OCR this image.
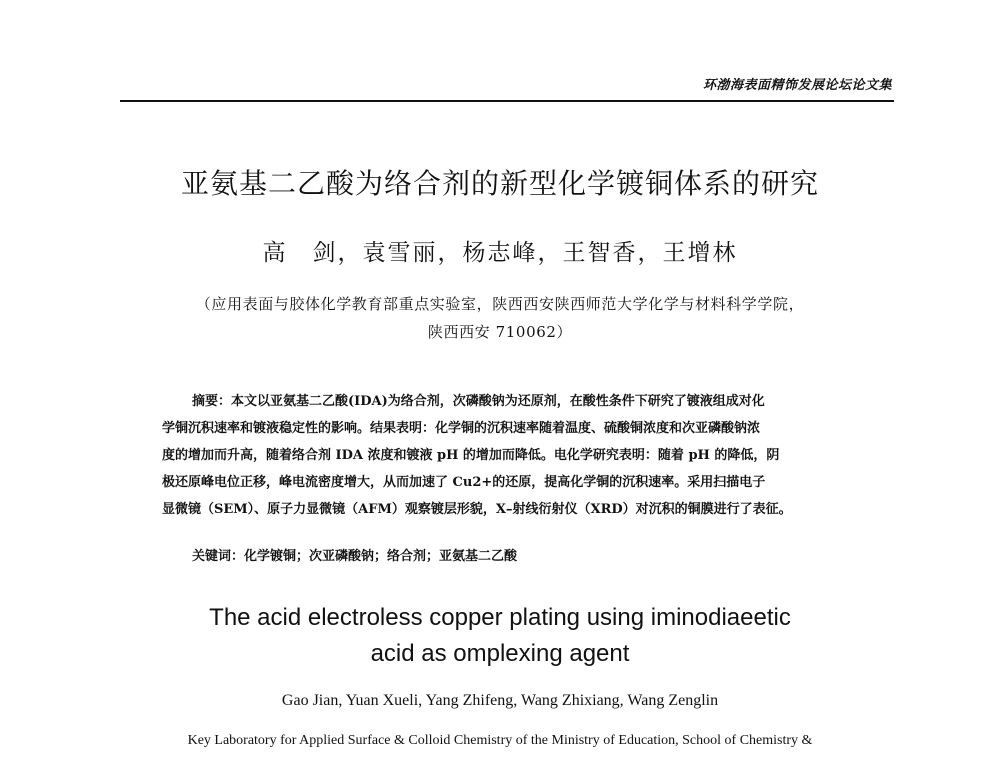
环渤海表面精饰发展论坛论文集
亚氨基二乙酸为络合剂的新型化学镀铜体系的研究
高　剑，袁雪丽，杨志峰，王智香，王增林
（应用表面与胶体化学教育部重点实验室，陕西西安陕西师范大学化学与材料科学学院，
陕西西安 710062）
摘要：本文以亚氨基二乙酸(IDA)为络合剂，次磷酸钠为还原剂，在酸性条件下研究了镀液组成对化
学铜沉积速率和镀液稳定性的影响。结果表明：化学铜的沉积速率随着温度、硫酸铜浓度和次亚磷酸钠浓
度的增加而升高，随着络合剂 IDA 浓度和镀液 pH 的增加而降低。电化学研究表明：随着 pH 的降低，阴
极还原峰电位正移，峰电流密度增大，从而加速了 Cu2+的还原，提高化学铜的沉积速率。采用扫描电子
显微镜（SEM）、原子力显微镜（AFM）观察镀层形貌，X–射线衍射仪（XRD）对沉积的铜膜进行了表征。
关键词：化学镀铜；次亚磷酸钠；络合剂；亚氨基二乙酸
The acid electroless copper plating using iminodiaeetic
acid as omplexing agent
Gao Jian, Yuan Xueli, Yang Zhifeng, Wang Zhixiang, Wang Zenglin
Key Laboratory for Applied Surface & Colloid Chemistry of the Ministry of Education, School of Chemistry &
